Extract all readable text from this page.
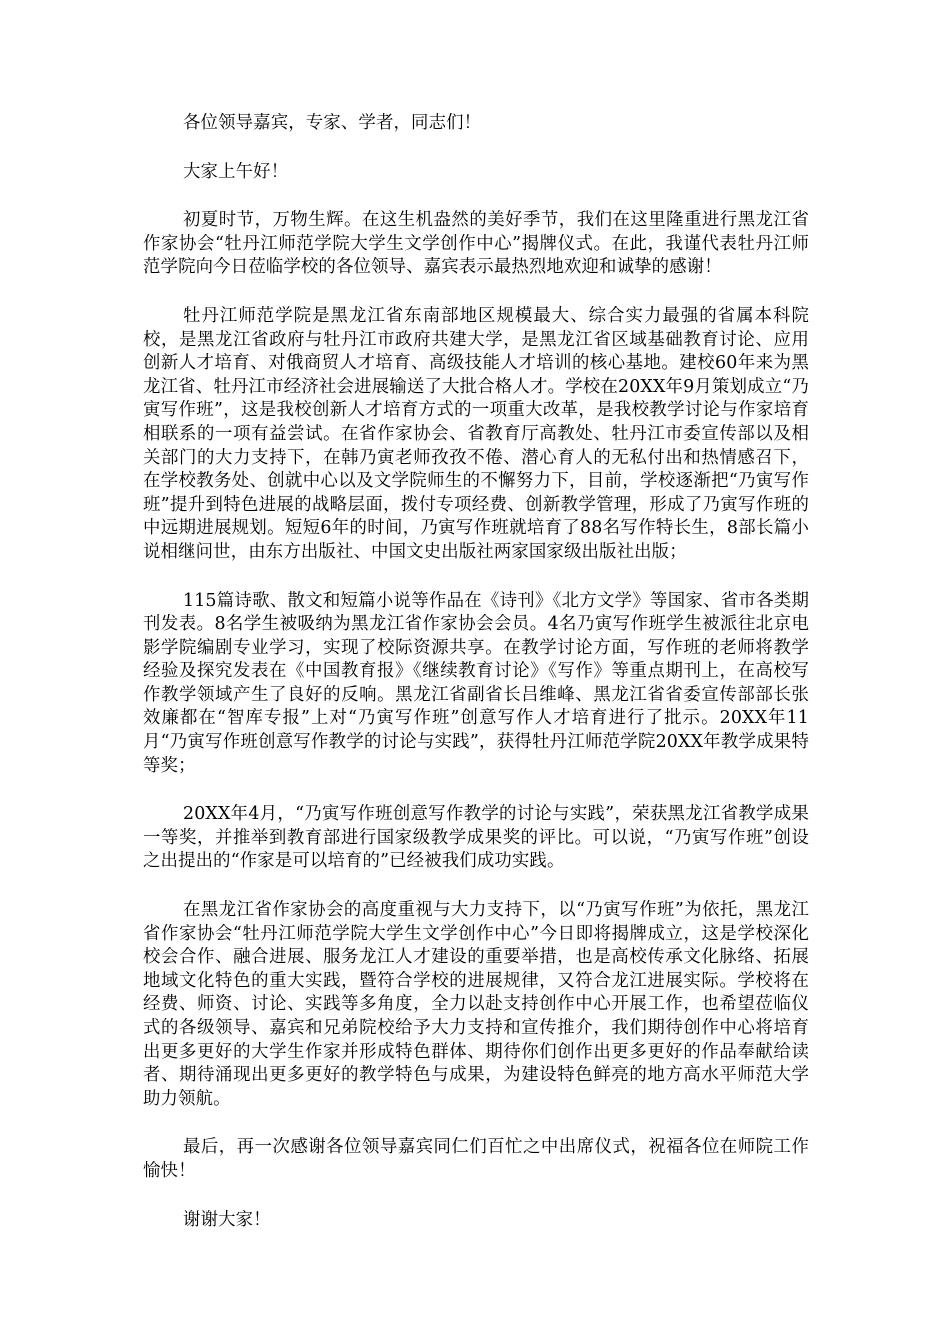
各位领导嘉宾，专家、学者，同志们！

大家上午好！

初夏时节，万物生辉。在这生机盎然的美好季节，我们在这里隆重进行黑龙江省作家协会“牡丹江师范学院大学生文学创作中心”揭牌仪式。在此，我谨代表牡丹江师范学院向今日莅临学校的各位领导、嘉宾表示最热烈地欢迎和诚挚的感谢！

牡丹江师范学院是黑龙江省东南部地区规模最大、综合实力最强的省属本科院校，是黑龙江省政府与牡丹江市政府共建大学，是黑龙江省区域基础教育讨论、应用创新人才培育、对俄商贸人才培育、高级技能人才培训的核心基地。建校60年来为黑龙江省、牡丹江市经济社会进展输送了大批合格人才。学校在20XX年9月策划成立“乃寅写作班”，这是我校创新人才培育方式的一项重大改革，是我校教学讨论与作家培育相联系的一项有益尝试。在省作家协会、省教育厅高教处、牡丹江市委宣传部以及相关部门的大力支持下，在韩乃寅老师孜孜不倦、潜心育人的无私付出和热情感召下，在学校教务处、创就中心以及文学院师生的不懈努力下，目前，学校逐渐把“乃寅写作班”提升到特色进展的战略层面，拨付专项经费、创新教学管理，形成了乃寅写作班的中远期进展规划。短短6年的时间，乃寅写作班就培育了88名写作特长生，8部长篇小说相继问世，由东方出版社、中国文史出版社两家国家级出版社出版；

115篇诗歌、散文和短篇小说等作品在《诗刊》《北方文学》等国家、省市各类期刊发表。8名学生被吸纳为黑龙江省作家协会会员。4名乃寅写作班学生被派往北京电影学院编剧专业学习，实现了校际资源共享。在教学讨论方面，写作班的老师将教学经验及探究发表在《中国教育报》《继续教育讨论》《写作》等重点期刊上，在高校写作教学领域产生了良好的反响。黑龙江省副省长吕维峰、黑龙江省省委宣传部部长张效廉都在“智库专报”上对“乃寅写作班”创意写作人才培育进行了批示。20XX年11月“乃寅写作班创意写作教学的讨论与实践”，获得牡丹江师范学院20XX年教学成果特等奖；

20XX年4月，“乃寅写作班创意写作教学的讨论与实践”，荣获黑龙江省教学成果一等奖，并推举到教育部进行国家级教学成果奖的评比。可以说，“乃寅写作班”创设之出提出的“作家是可以培育的”已经被我们成功实践。

在黑龙江省作家协会的高度重视与大力支持下，以“乃寅写作班”为依托，黑龙江省作家协会“牡丹江师范学院大学生文学创作中心”今日即将揭牌成立，这是学校深化校会合作、融合进展、服务龙江人才建设的重要举措，也是高校传承文化脉络、拓展地域文化特色的重大实践，暨符合学校的进展规律，又符合龙江进展实际。学校将在经费、师资、讨论、实践等多角度，全力以赴支持创作中心开展工作，也希望莅临仪式的各级领导、嘉宾和兄弟院校给予大力支持和宣传推介，我们期待创作中心将培育出更多更好的大学生作家并形成特色群体、期待你们创作出更多更好的作品奉献给读者、期待涌现出更多更好的教学特色与成果，为建设特色鲜亮的地方高水平师范大学助力领航。

最后，再一次感谢各位领导嘉宾同仁们百忙之中出席仪式，祝福各位在师院工作愉快！

谢谢大家！
